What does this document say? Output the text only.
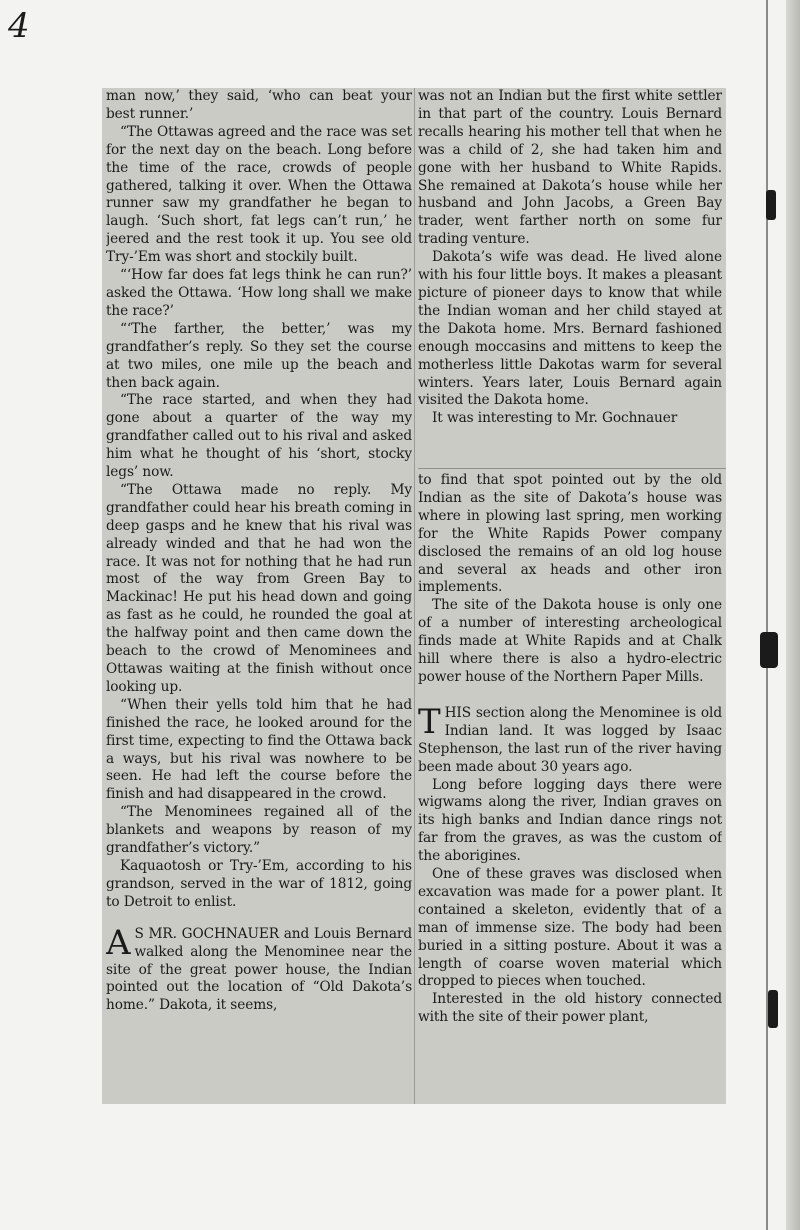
4

man now,’ they said, ‘who can beat your best runner.’

“The Ottawas agreed and the race was set for the next day on the beach. Long before the time of the race, crowds of people gathered, talking it over. When the Ottawa runner saw my grandfather he began to laugh. ‘Such short, fat legs can’t run,’ he jeered and the rest took it up. You see old Try-’Em was short and stockily built.

“‘How far does fat legs think he can run?’ asked the Ottawa. ‘How long shall we make the race?’

“‘The farther, the better,’ was my grandfather’s reply. So they set the course at two miles, one mile up the beach and then back again.

“The race started, and when they had gone about a quarter of the way my grandfather called out to his rival and asked him what he thought of his ‘short, stocky legs’ now.

“The Ottawa made no reply. My grandfather could hear his breath coming in deep gasps and he knew that his rival was already winded and that he had won the race. It was not for nothing that he had run most of the way from Green Bay to Mackinac! He put his head down and going as fast as he could, he rounded the goal at the halfway point and then came down the beach to the crowd of Menominees and Ottawas waiting at the finish without once looking up.

“When their yells told him that he had finished the race, he looked around for the first time, expecting to find the Ottawa back a ways, but his rival was nowhere to be seen. He had left the course before the finish and had disappeared in the crowd.

“The Menominees regained all of the blankets and weapons by reason of my grandfather’s victory.”

Kaquaotosh or Try-’Em, according to his grandson, served in the war of 1812, going to Detroit to enlist.

A S MR. GOCHNAUER and Louis Bernard walked along the Menominee near the site of the great power house, the Indian pointed out the location of “Old Dakota’s home.” Dakota, it seems,

was not an Indian but the first white settler in that part of the country. Louis Bernard recalls hearing his mother tell that when he was a child of 2, she had taken him and gone with her husband to White Rapids. She remained at Dakota’s house while her husband and John Jacobs, a Green Bay trader, went farther north on some fur trading venture.

Dakota’s wife was dead. He lived alone with his four little boys. It makes a pleasant picture of pioneer days to know that while the Indian woman and her child stayed at the Dakota home. Mrs. Bernard fashioned enough moccasins and mittens to keep the motherless little Dakotas warm for several winters. Years later, Louis Bernard again visited the Dakota home.

It was interesting to Mr. Gochnauer

to find that spot pointed out by the old Indian as the site of Dakota’s house was where in plowing last spring, men working for the White Rapids Power company disclosed the remains of an old log house and several ax heads and other iron implements.

The site of the Dakota house is only one of a number of interesting archeological finds made at White Rapids and at Chalk hill where there is also a hydro-electric power house of the Northern Paper Mills.

THIS section along the Menominee is old Indian land. It was logged by Isaac Stephenson, the last run of the river having been made about 30 years ago.

Long before logging days there were wigwams along the river, Indian graves on its high banks and Indian dance rings not far from the graves, as was the custom of the aborigines.

One of these graves was disclosed when excavation was made for a power plant. It contained a skeleton, evidently that of a man of immense size. The body had been buried in a sitting posture. About it was a length of coarse woven material which dropped to pieces when touched.

Interested in the old history connected with the site of their power plant,
